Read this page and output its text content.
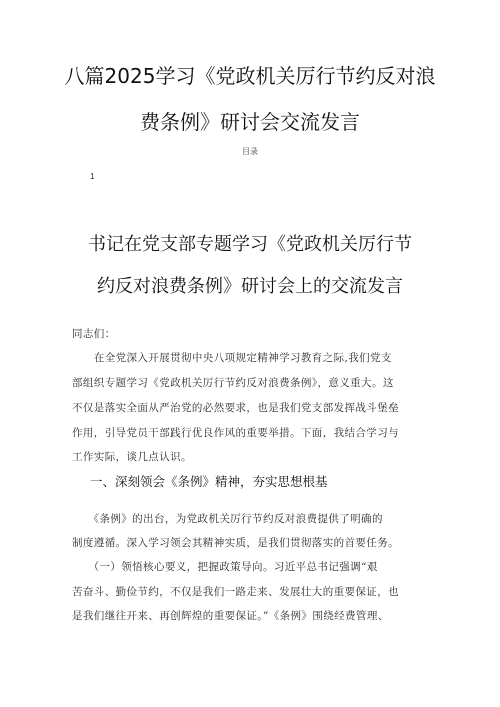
八篇2025学习《党政机关厉行节约反对浪
费条例》研讨会交流发言
目录
1
书记在党支部专题学习《党政机关厉行节
约反对浪费条例》研讨会上的交流发言
同志们：
　　在全党深入开展贯彻中央八项规定精神学习教育之际,我们党支
部组织专题学习《党政机关厉行节约反对浪费条例》，意义重大。这
不仅是落实全面从严治党的必然要求，也是我们党支部发挥战斗堡垒
作用，引导党员干部践行优良作风的重要举措。下面，我结合学习与
工作实际，谈几点认识。
一、深刻领会《条例》精神，夯实思想根基
　　《条例》的出台，为党政机关厉行节约反对浪费提供了明确的
制度遵循。深入学习领会其精神实质，是我们贯彻落实的首要任务。
　　（一）领悟核心要义，把握政策导向。习近平总书记强调“艰
苦奋斗、勤俭节约，不仅是我们一路走来、发展壮大的重要保证，也
是我们继往开来、再创辉煌的重要保证。”《条例》围绕经费管理、
